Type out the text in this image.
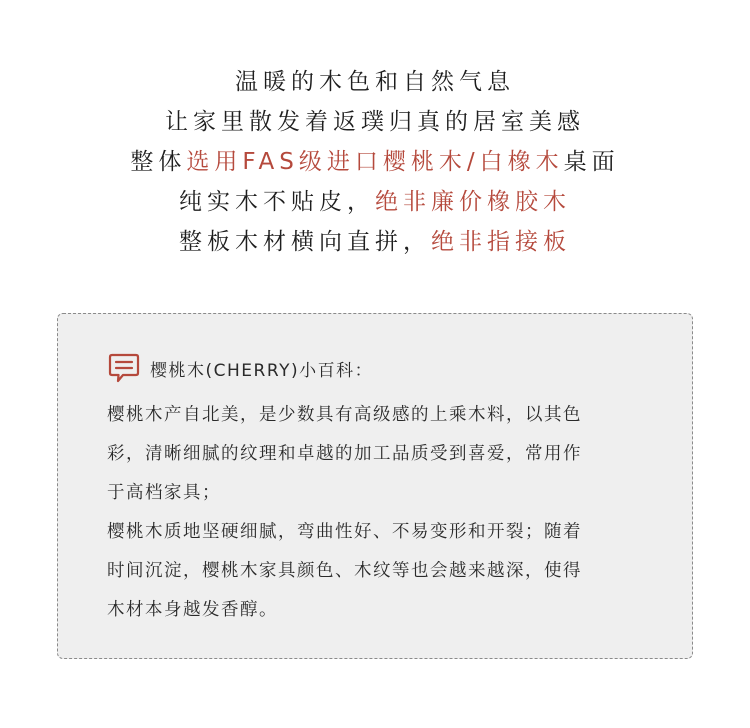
温暖的木色和自然气息
让家里散发着返璞归真的居室美感
整体选用FAS级进口樱桃木/白橡木桌面
纯实木不贴皮，绝非廉价橡胶木
整板木材横向直拼，绝非指接板
樱桃木(CHERRY)小百科：
樱桃木产自北美，是少数具有高级感的上乘木料，以其色
彩，清晰细腻的纹理和卓越的加工品质受到喜爱，常用作
于高档家具；
樱桃木质地坚硬细腻，弯曲性好、不易变形和开裂；随着
时间沉淀，樱桃木家具颜色、木纹等也会越来越深，使得
木材本身越发香醇。
